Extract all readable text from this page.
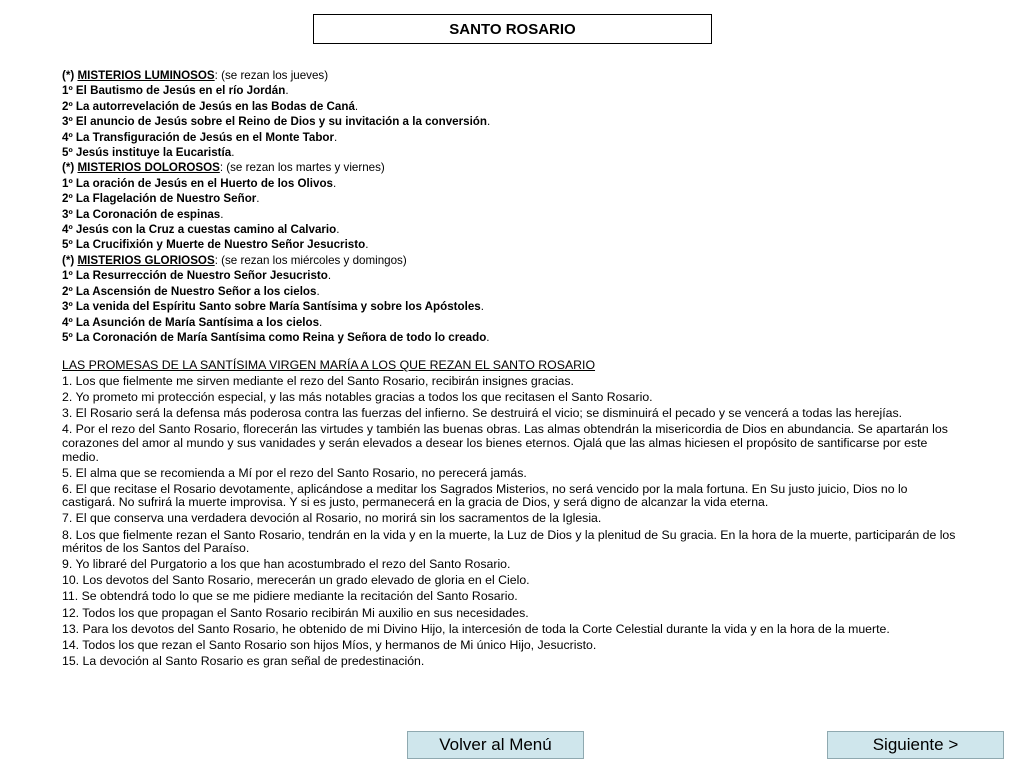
SANTO ROSARIO
(*) MISTERIOS LUMINOSOS: (se rezan los jueves)
1º El Bautismo de Jesús en el río Jordán.
2º La autorrevelación de Jesús en las Bodas de Caná.
3º El anuncio de Jesús sobre el Reino de Dios y su invitación a la conversión.
4º La Transfiguración de Jesús en el Monte Tabor.
5º Jesús instituye la Eucaristía.
(*) MISTERIOS DOLOROSOS: (se rezan los martes y viernes)
1º La oración de Jesús en el Huerto de los Olivos.
2º La Flagelación de Nuestro Señor.
3º La Coronación de espinas.
4º Jesús con la Cruz a cuestas camino al Calvario.
5º La Crucifixión y Muerte de Nuestro Señor Jesucristo.
(*) MISTERIOS GLORIOSOS: (se rezan los miércoles y domingos)
1º La Resurrección de Nuestro Señor Jesucristo.
2º La Ascensión de Nuestro Señor a los cielos.
3º La venida del Espíritu Santo sobre María Santísima y sobre los Apóstoles.
4º La Asunción de María Santísima a los cielos.
5º La Coronación de María Santísima como Reina y Señora de todo lo creado.
LAS PROMESAS DE LA SANTÍSIMA VIRGEN MARÍA A LOS QUE REZAN EL SANTO ROSARIO
1. Los que fielmente me sirven mediante el rezo del Santo Rosario, recibirán insignes gracias.
2. Yo prometo mi protección especial, y las más notables gracias a todos los que recitasen el Santo Rosario.
3. El Rosario será la defensa más poderosa contra las fuerzas del infierno. Se destruirá el vicio; se disminuirá el pecado y se vencerá a todas las herejías.
4. Por el rezo del Santo Rosario, florecerán las virtudes y también las buenas obras. Las almas obtendrán la misericordia de Dios en abundancia. Se apartarán los corazones del amor al mundo y sus vanidades y serán elevados a desear los bienes eternos. Ojalá que las almas hiciesen el propósito de santificarse por este medio.
5. El alma que se recomienda a Mí por el rezo del Santo Rosario, no perecerá jamás.
6. El que recitase el Rosario devotamente, aplicándose a meditar los Sagrados Misterios, no será vencido por la mala fortuna. En Su justo juicio, Dios no lo castigará. No sufrirá la muerte improvisa. Y si es justo, permanecerá en la gracia de Dios, y será digno de alcanzar la vida eterna.
7. El que conserva una verdadera devoción al Rosario, no morirá sin los sacramentos de la Iglesia.
8. Los que fielmente rezan el Santo Rosario, tendrán en la vida y en la muerte, la Luz de Dios y la plenitud de Su gracia. En la hora de la muerte, participarán de los méritos de los Santos del Paraíso.
9. Yo libraré del Purgatorio a los que han acostumbrado el rezo del Santo Rosario.
10. Los devotos del Santo Rosario, merecerán un grado elevado de gloria en el Cielo.
11. Se obtendrá todo lo que se me pidiere mediante la recitación del Santo Rosario.
12. Todos los que propagan el Santo Rosario recibirán Mi auxilio en sus necesidades.
13. Para los devotos del Santo Rosario, he obtenido de mi Divino Hijo, la intercesión de toda la Corte Celestial durante la vida y en la hora de la muerte.
14. Todos los que rezan el Santo Rosario son hijos Míos, y hermanos de Mi único Hijo, Jesucristo.
15. La devoción al Santo Rosario es gran señal de predestinación.
Volver al Menú	Siguiente >
